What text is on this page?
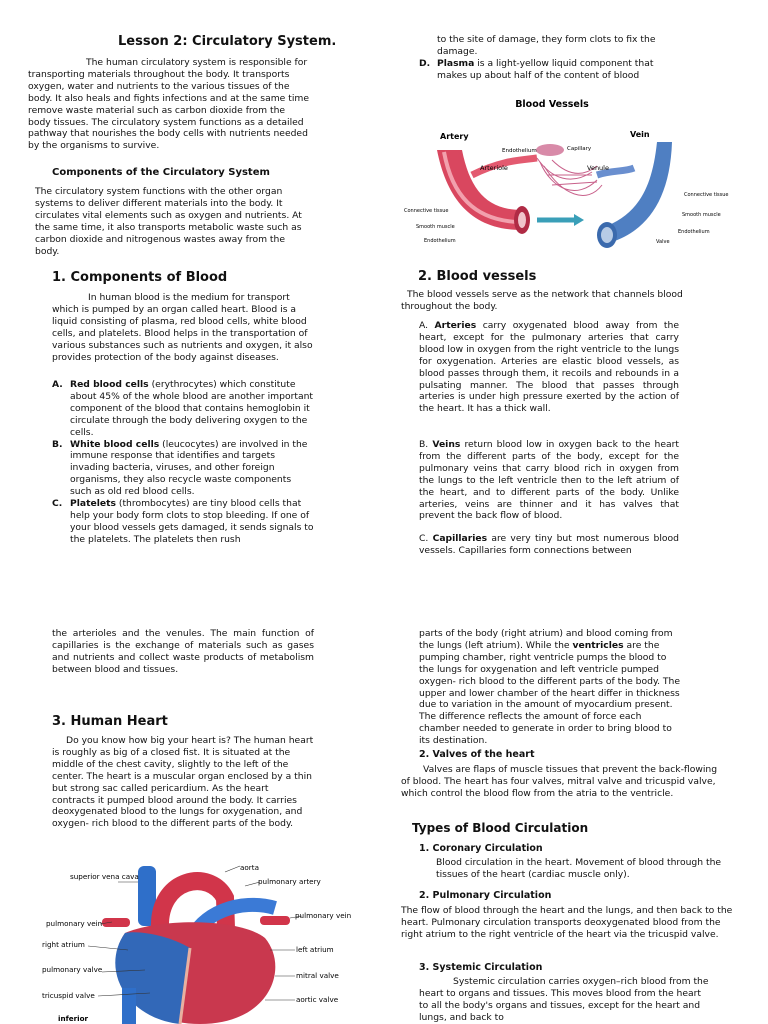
Lesson 2: Circulatory System.

The human circulatory system is responsible for transporting materials throughout the body. It transports oxygen, water and nutrients to the various tissues of the body. It also heals and fights infections and at the same time remove waste material such as carbon dioxide from the body tissues. The circulatory system functions as a detailed pathway that nourishes the body cells with nutrients needed by the organisms to survive.

Components of the Circulatory System

The circulatory system functions with the other organ systems to deliver different materials into the body. It circulates vital elements such as oxygen and nutrients. At the same time, it also transports metabolic waste such as carbon dioxide and nitrogenous wastes away from the body.

1. Components of Blood

In human blood is the medium for transport which is pumped by an organ called heart. Blood is a liquid consisting of plasma, red blood cells, white blood cells, and platelets. Blood helps in the transportation of various substances such as nutrients and oxygen, it also provides protection of the body against diseases.

A. Red blood cells (erythrocytes) which constitute about 45% of the whole blood are another important component of the blood that contains hemoglobin it circulate through the body delivering oxygen to the cells.
B. White blood cells (leucocytes) are involved in the immune response that identifies and targets invading bacteria, viruses, and other foreign organisms, they also recycle waste components such as old red blood cells.
C. Platelets (thrombocytes) are tiny blood cells that help your body form clots to stop bleeding. If one of your blood vessels gets damaged, it sends signals to the platelets. The platelets then rush

to the site of damage, they form clots to fix the damage.

D. Plasma is a light-yellow liquid component that makes up about half of the content of blood
Blood Vessels
Artery	Vein
Arteriole
Endothelium	Capillary
Venule
Connective tissue
Smooth muscle
Endothelium
Connective tissue
Smooth muscle
Endothelium
Valve
2. Blood vessels

The blood vessels serve as the network that channels blood throughout the body.

A. Arteries carry oxygenated blood away from the heart, except for the pulmonary arteries that carry blood low in oxygen from the right ventricle to the lungs for oxygenation. Arteries are elastic blood vessels, as blood passes through them, it recoils and rebounds in a pulsating manner. The blood that passes through arteries is under high pressure exerted by the action of the heart. It has a thick wall.

B. Veins return blood low in oxygen back to the heart from the different parts of the body, except for the pulmonary veins that carry blood rich in oxygen from the lungs to the left ventricle then to the left atrium of the heart, and to different parts of the body. Unlike arteries, veins are thinner and it has valves that prevent the back flow of blood.

C. Capillaries are very tiny but most numerous blood vessels. Capillaries form connections between

the arterioles and the venules. The main function of capillaries is the exchange of materials such as gases and nutrients and collect waste products of metabolism between blood and tissues.

3. Human Heart

Do you know how big your heart is? The human heart is roughly as big of a closed fist. It is situated at the middle of the chest cavity, slightly to the left of the center. The heart is a muscular organ enclosed by a thin but strong sac called pericardium. As the heart contracts it pumped blood around the body. It carries deoxygenated blood to the lungs for oxygenation, and oxygen- rich blood to the different parts of the body.

superior vena cava
aorta
pulmonary artery
pulmonary vein
pulmonary vein
right atrium
left atrium
pulmonary valve
mitral valve
tricuspid valve	aortic valve
inferior

parts of the body (right atrium) and blood coming from the lungs (left atrium). While the ventricles are the pumping chamber, right ventricle pumps the blood to the lungs for oxygenation and left ventricle pumped oxygen- rich blood to the different parts of the body. The upper and lower chamber of the heart differ in thickness due to variation in the amount of myocardium present. The difference reflects the amount of force each chamber needed to generate in order to bring blood to its destination.

2. Valves of the heart

Valves are flaps of muscle tissues that prevent the back-flowing of blood. The heart has four valves, mitral valve and tricuspid valve, which control the blood flow from the atria to the ventricle.

Types of Blood Circulation
1. Coronary Circulation

Blood circulation in the heart. Movement of blood through the tissues of the heart (cardiac muscle only).

2. Pulmonary Circulation

The flow of blood through the heart and the lungs, and then back to the heart. Pulmonary circulation transports deoxygenated blood from the right atrium to the right ventricle of the heart via the tricuspid valve.

3. Systemic Circulation

Systemic circulation carries oxygen–rich blood from the heart to organs and tissues. This moves blood from the heart to all the body's organs and tissues, except for the heart and lungs, and back to
